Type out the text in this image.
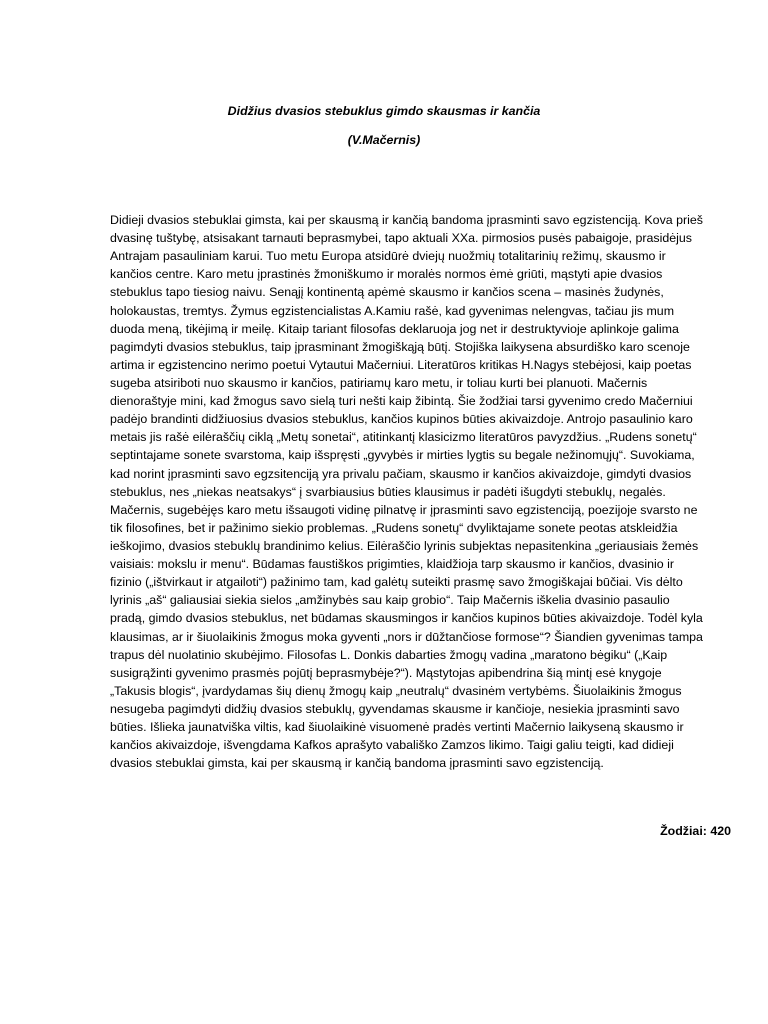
Didžius dvasios stebuklus gimdo skausmas ir kančia
(V.Mačernis)
Didieji dvasios stebuklai gimsta, kai per skausmą ir kančią bandoma įprasminti savo egzistenciją. Kova prieš
dvasinę tuštybę, atsisakant tarnauti beprasmybei, tapo aktuali XXa. pirmosios pusės pabaigoje, prasidėjus
Antrajam pasauliniam karui. Tuo metu Europa atsidūrė dviejų nuožmių totalitarinių režimų, skausmo ir
kančios centre. Karo metu įprastinės žmoniškumo ir moralės normos ėmė griūti, mąstyti apie dvasios
stebuklus tapo tiesiog naivu. Senąjį kontinentą apėmė skausmo ir kančios scena – masinės žudynės,
holokaustas, tremtys. Žymus egzistencialistas A.Kamiu rašė, kad gyvenimas nelengvas, tačiau jis mum
duoda meną, tikėjimą ir meilę. Kitaip tariant filosofas deklaruoja jog net ir destruktyvioje aplinkoje galima
pagimdyti dvasios stebuklus, taip įprasminant žmogiškąją būtį. Stojiška laikysena absurdiško karo scenoje
artima ir egzistencino nerimo poetui Vytautui Mačerniui. Literatūros kritikas H.Nagys stebėjosi, kaip poetas
sugeba atsiriboti nuo skausmo ir kančios, patiriamų karo metu, ir toliau kurti bei planuoti. Mačernis
dienoraštyje mini, kad žmogus savo sielą turi nešti kaip žibintą. Šie žodžiai tarsi gyvenimo credo Mačerniui
padėjo brandinti didžiuosius dvasios stebuklus, kančios kupinos būties akivaizdoje. Antrojo pasaulinio karo
metais jis rašė eilėraščių ciklą „Metų sonetai“, atitinkantį klasicizmo literatūros pavyzdžius. „Rudens sonetų“
septintajame sonete svarstoma, kaip išspręsti „gyvybės ir mirties lygtis su begale nežinomųjų“. Suvokiama,
kad norint įprasminti savo egzsitenciją yra privalu pačiam, skausmo ir kančios akivaizdoje, gimdyti dvasios
stebuklus, nes „niekas neatsakys“ į svarbiausius būties klausimus ir padėti išugdyti stebuklų, negalės.
Mačernis, sugebėjęs karo metu išsaugoti vidinę pilnatvę ir įprasminti savo egzistenciją, poezijoje svarsto ne
tik filosofines, bet ir pažinimo siekio problemas. „Rudens sonetų“ dvyliktajame sonete peotas atskleidžia
ieškojimo, dvasios stebuklų brandinimo kelius. Eilėraščio lyrinis subjektas nepasitenkina „geriausiais žemės
vaisiais: mokslu ir menu“. Būdamas faustiškos prigimties, klaidžioja tarp skausmo ir kančios, dvasinio ir
fizinio („ištvirkaut ir atgailoti“) pažinimo tam, kad galėtų suteikti prasmę savo žmogiškajai būčiai. Vis dėlto
lyrinis „aš“ galiausiai siekia sielos „amžinybės sau kaip grobio“. Taip Mačernis iškelia dvasinio pasaulio
pradą, gimdo dvasios stebuklus, net būdamas skausmingos ir kančios kupinos būties akivaizdoje. Todėl kyla
klausimas, ar ir šiuolaikinis žmogus moka gyventi „nors ir dūžtančiose formose“? Šiandien gyvenimas tampa
trapus dėl nuolatinio skubėjimo. Filosofas L. Donkis dabarties žmogų vadina „maratono bėgiku“ („Kaip
susigrąžinti gyvenimo prasmės pojūtį beprasmybėje?“). Mąstytojas apibendrina šią mintį esė knygoje
„Takusis blogis“, įvardydamas šių dienų žmogų kaip „neutralų“ dvasinėm vertybėms. Šiuolaikinis žmogus
nesugeba pagimdyti didžių dvasios stebuklų, gyvendamas skausme ir kančioje, nesiekia įprasminti savo
būties. Išlieka jaunatviška viltis, kad šiuolaikinė visuomenė pradės vertinti Mačernio laikyseną skausmo ir
kančios akivaizdoje, išvengdama Kafkos aprašyto vabališko Zamzos likimo. Taigi galiu teigti, kad didieji
dvasios stebuklai gimsta, kai per skausmą ir kančią bandoma įprasminti savo egzistenciją.
Žodžiai: 420
